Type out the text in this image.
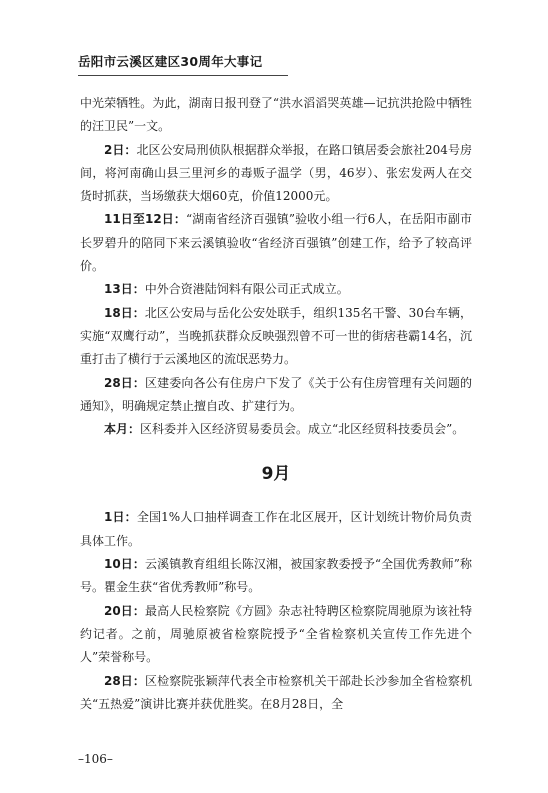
岳阳市云溪区建区30周年大事记

中光荣牺牲。为此，湖南日报刊登了“洪水滔滔哭英雄—记抗洪抢险中牺牲的汪卫民”一文。

2日：北区公安局刑侦队根据群众举报，在路口镇居委会旅社204号房间，将河南确山县三里河乡的毒贩子温学（男，46岁）、张宏发两人在交货时抓获，当场缴获大烟60克，价值12000元。

11日至12日：“湖南省经济百强镇”验收小组一行6人，在岳阳市副市长罗碧升的陪同下来云溪镇验收“省经济百强镇”创建工作，给予了较高评价。

13日：中外合资港陆饲料有限公司正式成立。

18日：北区公安局与岳化公安处联手，组织135名干警、30台车辆，实施“双鹰行动”，当晚抓获群众反映强烈曾不可一世的街痞巷霸14名，沉重打击了横行于云溪地区的流氓恶势力。

28日：区建委向各公有住房户下发了《关于公有住房管理有关问题的通知》，明确规定禁止擅自改、扩建行为。

本月：区科委并入区经济贸易委员会。成立“北区经贸科技委员会”。

9月

1日：全国1%人口抽样调查工作在北区展开，区计划统计物价局负责具体工作。

10日：云溪镇教育组组长陈汉湘，被国家教委授予“全国优秀教师”称号。瞿金生获“省优秀教师”称号。

20日：最高人民检察院《方圆》杂志社特聘区检察院周驰原为该社特约记者。之前，周驰原被省检察院授予“全省检察机关宣传工作先进个人”荣誉称号。

28日：区检察院张颖萍代表全市检察机关干部赴长沙参加全省检察机关“五热爱”演讲比赛并获优胜奖。在8月28日，全

–106–
